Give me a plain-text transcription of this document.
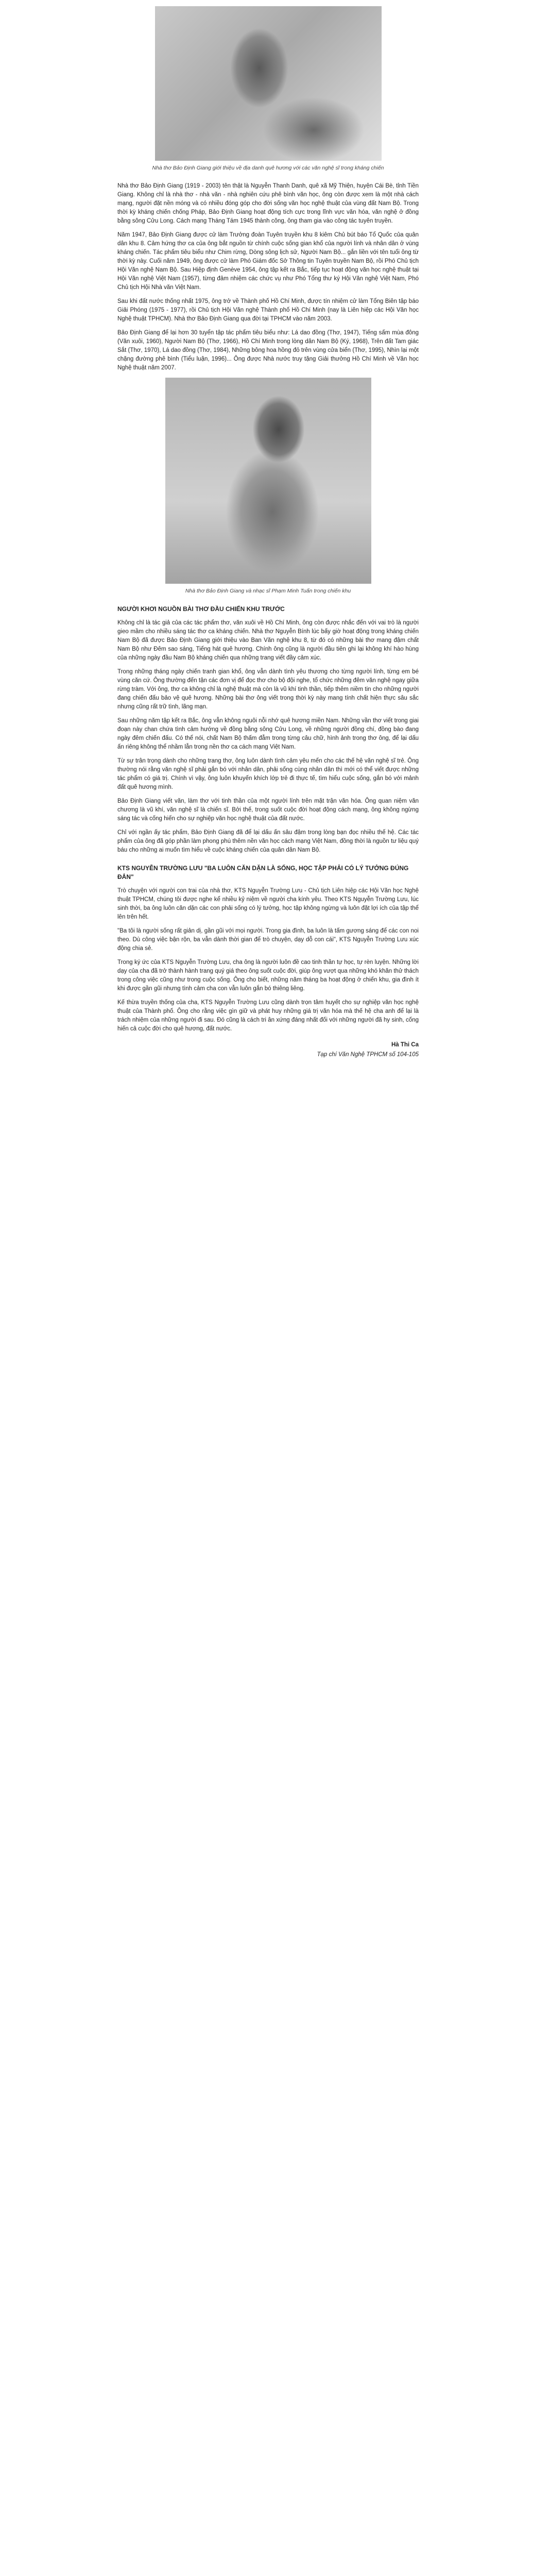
Nhà thơ Bảo Định Giang giới thiệu về địa danh quê hương với các văn nghệ sĩ trong kháng chiến

Nhà thơ Bảo Định Giang (1919 - 2003) tên thật là Nguyễn Thanh Danh, quê xã Mỹ Thiện, huyện Cái Bè, tỉnh Tiền Giang. Không chỉ là nhà thơ - nhà văn - nhà nghiên cứu phê bình văn học, ông còn được xem là một nhà cách mạng, người đặt nền móng và có nhiều đóng góp cho đời sống văn học nghệ thuật của vùng đất Nam Bộ. Trong thời kỳ kháng chiến chống Pháp, Bảo Định Giang hoạt động tích cực trong lĩnh vực văn hóa, văn nghệ ở đồng bằng sông Cửu Long. Cách mạng Tháng Tám 1945 thành công, ông tham gia vào công tác tuyên truyền.

Năm 1947, Bảo Định Giang được cử làm Trưởng đoàn Tuyên truyền khu 8 kiêm Chủ bút báo Tổ Quốc của quân dân khu 8. Cảm hứng thơ ca của ông bắt nguồn từ chính cuộc sống gian khổ của người lính và nhân dân ở vùng kháng chiến. Tác phẩm tiêu biểu như Chim rừng, Dòng sông lịch sử, Người Nam Bộ... gắn liền với tên tuổi ông từ thời kỳ này. Cuối năm 1949, ông được cử làm Phó Giám đốc Sở Thông tin Tuyên truyền Nam Bộ, rồi Phó Chủ tịch Hội Văn nghệ Nam Bộ. Sau Hiệp định Genève 1954, ông tập kết ra Bắc, tiếp tục hoạt động văn học nghệ thuật tại Hội Văn nghệ Việt Nam (1957), từng đảm nhiệm các chức vụ như Phó Tổng thư ký Hội Văn nghệ Việt Nam, Phó Chủ tịch Hội Nhà văn Việt Nam.

Sau khi đất nước thống nhất 1975, ông trở về Thành phố Hồ Chí Minh, được tín nhiệm cử làm Tổng Biên tập báo Giải Phóng (1975 - 1977), rồi Chủ tịch Hội Văn nghệ Thành phố Hồ Chí Minh (nay là Liên hiệp các Hội Văn học Nghệ thuật TPHCM). Nhà thơ Bảo Định Giang qua đời tại TPHCM vào năm 2003.

Bảo Định Giang để lại hơn 30 tuyển tập tác phẩm tiêu biểu như: Lá dao đồng (Thơ, 1947), Tiếng sấm mùa đông (Văn xuôi, 1960), Người Nam Bộ (Thơ, 1966), Hồ Chí Minh trong lòng dân Nam Bộ (Ký, 1968), Trên đất Tam giác Sắt (Thơ, 1970), Lá dao đồng (Thơ, 1984), Những bông hoa hồng đỏ trên vùng cửa biển (Thơ, 1995), Nhìn lại một chặng đường phê bình (Tiểu luận, 1996)... Ông được Nhà nước truy tặng Giải thưởng Hồ Chí Minh về Văn học Nghệ thuật năm 2007.

Nhà thơ Bảo Định Giang và nhạc sĩ Phạm Minh Tuấn trong chiến khu
NGƯỜI KHƠI NGUỒN BÀI THƠ ĐẦU CHIẾN KHU TRƯỚC

Không chỉ là tác giả của các tác phẩm thơ, văn xuôi về Hồ Chí Minh, ông còn được nhắc đến với vai trò là người gieo mầm cho nhiều sáng tác thơ ca kháng chiến. Nhà thơ Nguyễn Bính lúc bấy giờ hoạt động trong kháng chiến Nam Bộ đã được Bảo Định Giang giới thiệu vào Ban Văn nghệ khu 8, từ đó có những bài thơ mang đậm chất Nam Bộ như Đêm sao sáng, Tiếng hát quê hương. Chính ông cũng là người đầu tiên ghi lại không khí hào hùng của những ngày đầu Nam Bộ kháng chiến qua những trang viết đầy cảm xúc.

Trong những tháng ngày chiến tranh gian khổ, ông vẫn dành tình yêu thương cho từng người lính, từng em bé vùng căn cứ. Ông thường đến tận các đơn vị để đọc thơ cho bộ đội nghe, tổ chức những đêm văn nghệ ngay giữa rừng tràm. Với ông, thơ ca không chỉ là nghệ thuật mà còn là vũ khí tinh thần, tiếp thêm niềm tin cho những người đang chiến đấu bảo vệ quê hương. Những bài thơ ông viết trong thời kỳ này mang tính chất hiện thực sâu sắc nhưng cũng rất trữ tình, lãng mạn.

Sau những năm tập kết ra Bắc, ông vẫn không nguôi nỗi nhớ quê hương miền Nam. Những vần thơ viết trong giai đoạn này chan chứa tình cảm hướng về đồng bằng sông Cửu Long, về những người đồng chí, đồng bào đang ngày đêm chiến đấu. Có thể nói, chất Nam Bộ thấm đẫm trong từng câu chữ, hình ảnh trong thơ ông, để lại dấu ấn riêng không thể nhầm lẫn trong nền thơ ca cách mạng Việt Nam.

Từ sự trân trọng dành cho những trang thơ, ông luôn dành tình cảm yêu mến cho các thế hệ văn nghệ sĩ trẻ. Ông thường nói rằng văn nghệ sĩ phải gắn bó với nhân dân, phải sống cùng nhân dân thì mới có thể viết được những tác phẩm có giá trị. Chính vì vậy, ông luôn khuyến khích lớp trẻ đi thực tế, tìm hiểu cuộc sống, gắn bó với mảnh đất quê hương mình.

Bảo Định Giang viết văn, làm thơ với tinh thần của một người lính trên mặt trận văn hóa. Ông quan niệm văn chương là vũ khí, văn nghệ sĩ là chiến sĩ. Bởi thế, trong suốt cuộc đời hoạt động cách mạng, ông không ngừng sáng tác và cống hiến cho sự nghiệp văn học nghệ thuật của đất nước.

Chỉ với ngần ấy tác phẩm, Bảo Định Giang đã để lại dấu ấn sâu đậm trong lòng bạn đọc nhiều thế hệ. Các tác phẩm của ông đã góp phần làm phong phú thêm nền văn học cách mạng Việt Nam, đồng thời là nguồn tư liệu quý báu cho những ai muốn tìm hiểu về cuộc kháng chiến của quân dân Nam Bộ.

KTS NGUYỄN TRƯỜNG LƯU "BA LUÔN CĂN DẶN LÀ SỐNG, HỌC TẬP PHẢI CÓ LÝ TƯỞNG ĐÚNG ĐẮN"

Trò chuyện với người con trai của nhà thơ, KTS Nguyễn Trường Lưu - Chủ tịch Liên hiệp các Hội Văn học Nghệ thuật TPHCM, chúng tôi được nghe kể nhiều kỷ niệm về người cha kính yêu. Theo KTS Nguyễn Trường Lưu, lúc sinh thời, ba ông luôn căn dặn các con phải sống có lý tưởng, học tập không ngừng và luôn đặt lợi ích của tập thể lên trên hết.

"Ba tôi là người sống rất giản dị, gần gũi với mọi người. Trong gia đình, ba luôn là tấm gương sáng để các con noi theo. Dù công việc bận rộn, ba vẫn dành thời gian để trò chuyện, dạy dỗ con cái", KTS Nguyễn Trường Lưu xúc động chia sẻ.

Trong ký ức của KTS Nguyễn Trường Lưu, cha ông là người luôn đề cao tinh thần tự học, tự rèn luyện. Những lời dạy của cha đã trở thành hành trang quý giá theo ông suốt cuộc đời, giúp ông vượt qua những khó khăn thử thách trong công việc cũng như trong cuộc sống. Ông cho biết, những năm tháng ba hoạt động ở chiến khu, gia đình ít khi được gần gũi nhưng tình cảm cha con vẫn luôn gắn bó thiêng liêng.

Kế thừa truyền thống của cha, KTS Nguyễn Trường Lưu cũng dành trọn tâm huyết cho sự nghiệp văn học nghệ thuật của Thành phố. Ông cho rằng việc gìn giữ và phát huy những giá trị văn hóa mà thế hệ cha anh để lại là trách nhiệm của những người đi sau. Đó cũng là cách tri ân xứng đáng nhất đối với những người đã hy sinh, cống hiến cả cuộc đời cho quê hương, đất nước.

Hà Thi Ca
Tạp chí Văn Nghệ TPHCM số 104-105
